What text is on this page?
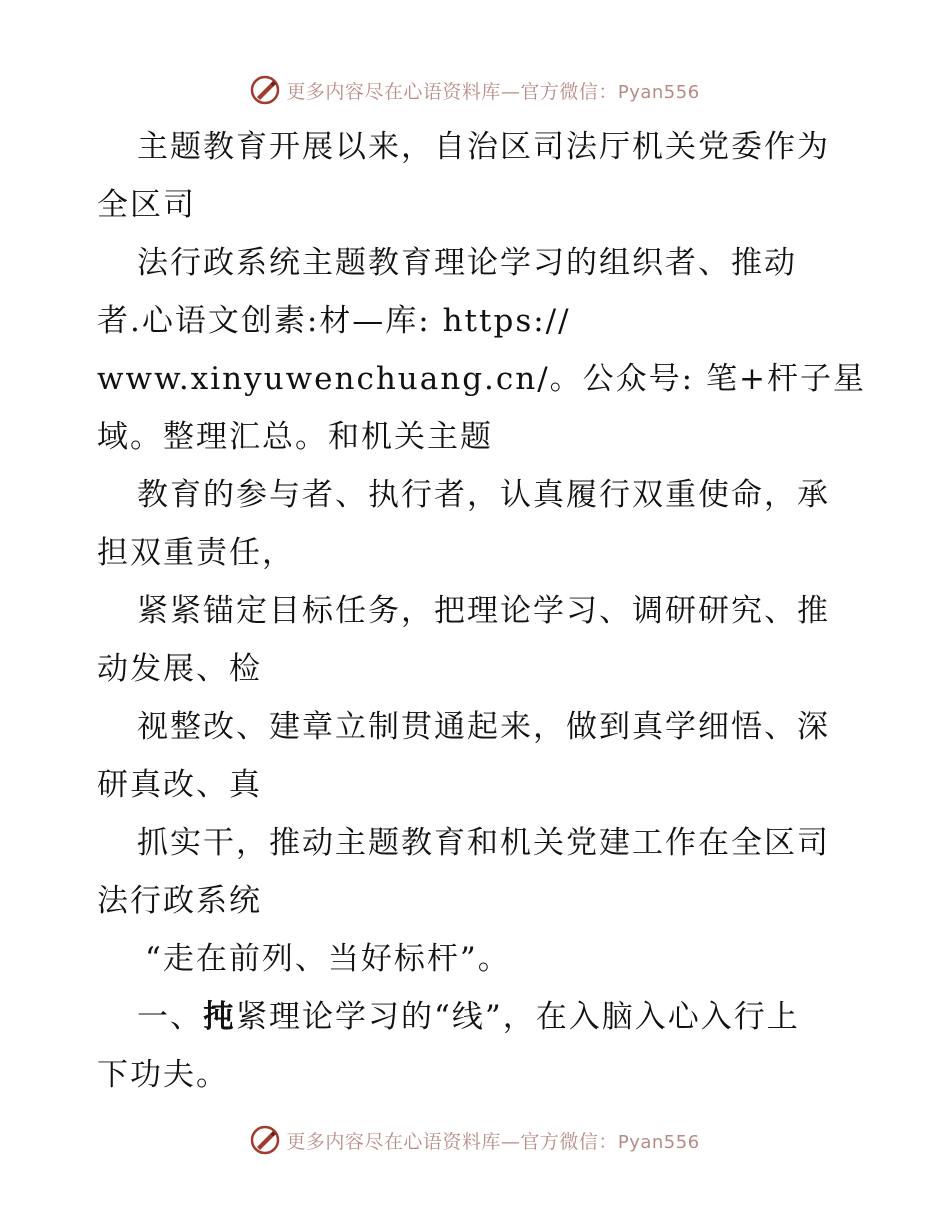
更多内容尽在心语资料库—官方微信：Pyan556
主题教育开展以来，自治区司法厅机关党委作为
全区司
法行政系统主题教育理论学习的组织者、推动
者.心语文创素:材—库: https://
www.xinyuwenchuang.cn/。公众号: 笔+杆子星
域。整理汇总。和机关主题
教育的参与者、执行者，认真履行双重使命，承
担双重责任，
紧紧锚定目标任务，把理论学习、调研研究、推
动发展、检
视整改、建章立制贯通起来，做到真学细悟、深
研真改、真
抓实干，推动主题教育和机关党建工作在全区司
法行政系统
“走在前列、当好标杆”。
一、扽紧理论学习的“线”，在入脑入心入行上
下功夫。
更多内容尽在心语资料库—官方微信：Pyan556
